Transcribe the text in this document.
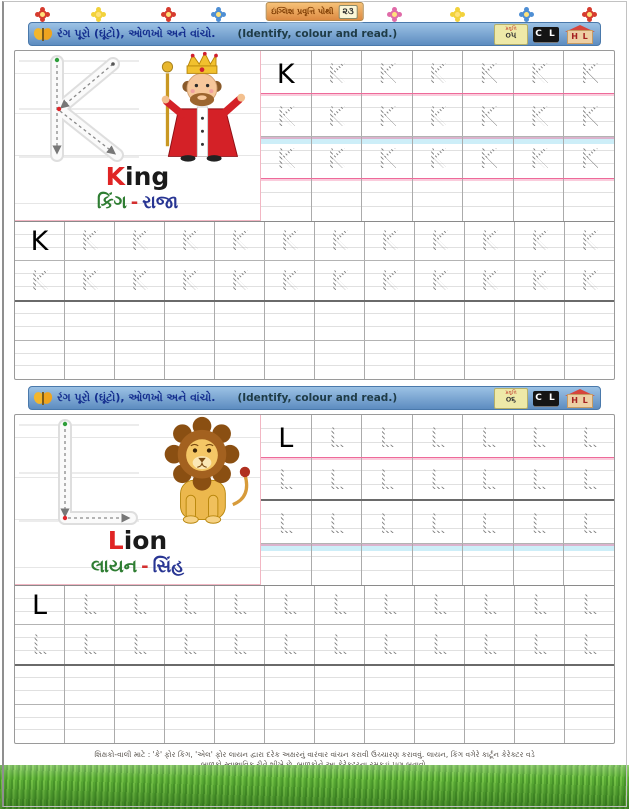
રંગ પૂરો (ઘૂંટો), ઓળખો અને વાંચો. (Identify, colour and read.)	પ્રવૃત્તિ
૦૫ C L	H L
King
કિંગ - રાજા
K K K K K K K
K K K K K K K
K K K K K K K
K K K K K K K K K K K K
K K K K K K K K K K K K
રંગ પૂરો (ઘૂંટો), ઓળખો અને વાંચો. (Identify, colour and read.)	પ્રવૃત્તિ
૦૬ C L	H L
Lion
લાયન - સિંહ
L L L L L L L
L L L L L L L
L L L L L L L
L L L L L L L L L L L L
L L L L L L L L L L L L
શિક્ષકો-વાલી માટે : 'કે' ફોર કિંગ, 'એલ' ફોર લાયન દ્વારા દરેક અક્ષરનું વારંવાર વાંચન કરાવી ઉચ્ચારણ કરાવવું. લાયન, કિંગ વગેરે કાર્ટૂન કેરેક્ટર વડે
ઇંગ્લિશ પ્રવૃત્તિ પોથી	૨૩
